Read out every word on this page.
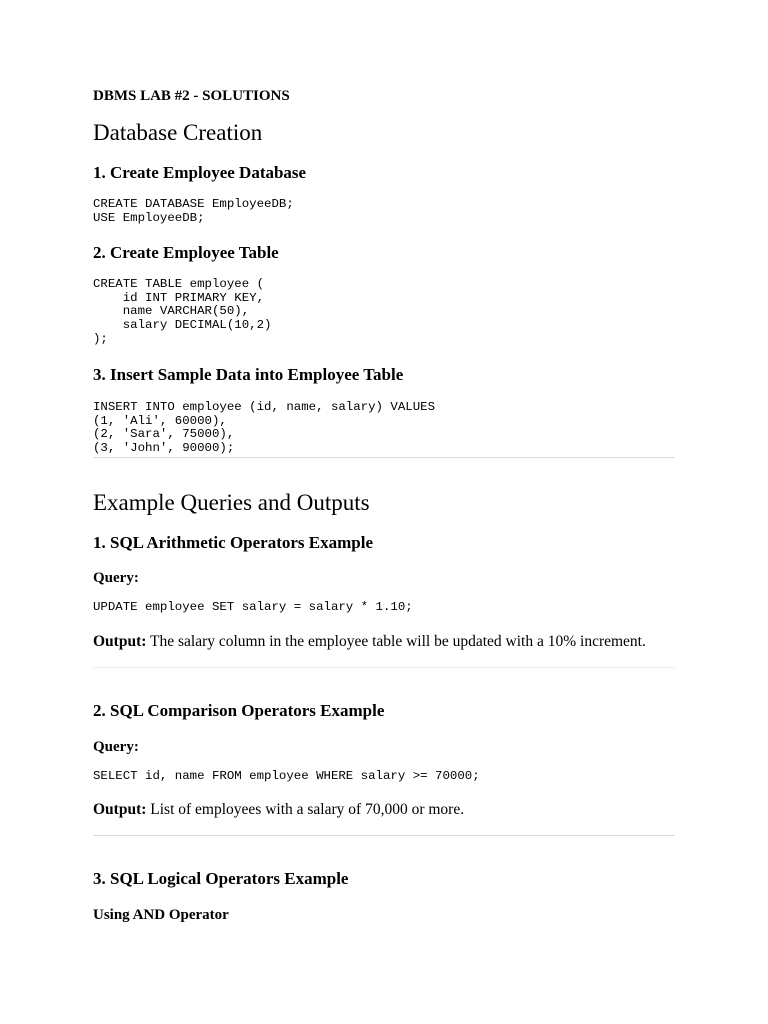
DBMS LAB #2 - SOLUTIONS
Database Creation
1. Create Employee Database
CREATE DATABASE EmployeeDB;
USE EmployeeDB;
2. Create Employee Table
CREATE TABLE employee (
id INT PRIMARY KEY,
name VARCHAR(50),
salary DECIMAL(10,2)
);
3. Insert Sample Data into Employee Table
INSERT INTO employee (id, name, salary) VALUES
(1, 'Ali', 60000),
(2, 'Sara', 75000),
(3, 'John', 90000);
Example Queries and Outputs
1. SQL Arithmetic Operators Example
Query:
UPDATE employee SET salary = salary * 1.10;
Output: The salary column in the employee table will be updated with a 10% increment.
2. SQL Comparison Operators Example
Query:
SELECT id, name FROM employee WHERE salary >= 70000;
Output: List of employees with a salary of 70,000 or more.
3. SQL Logical Operators Example
Using AND Operator
